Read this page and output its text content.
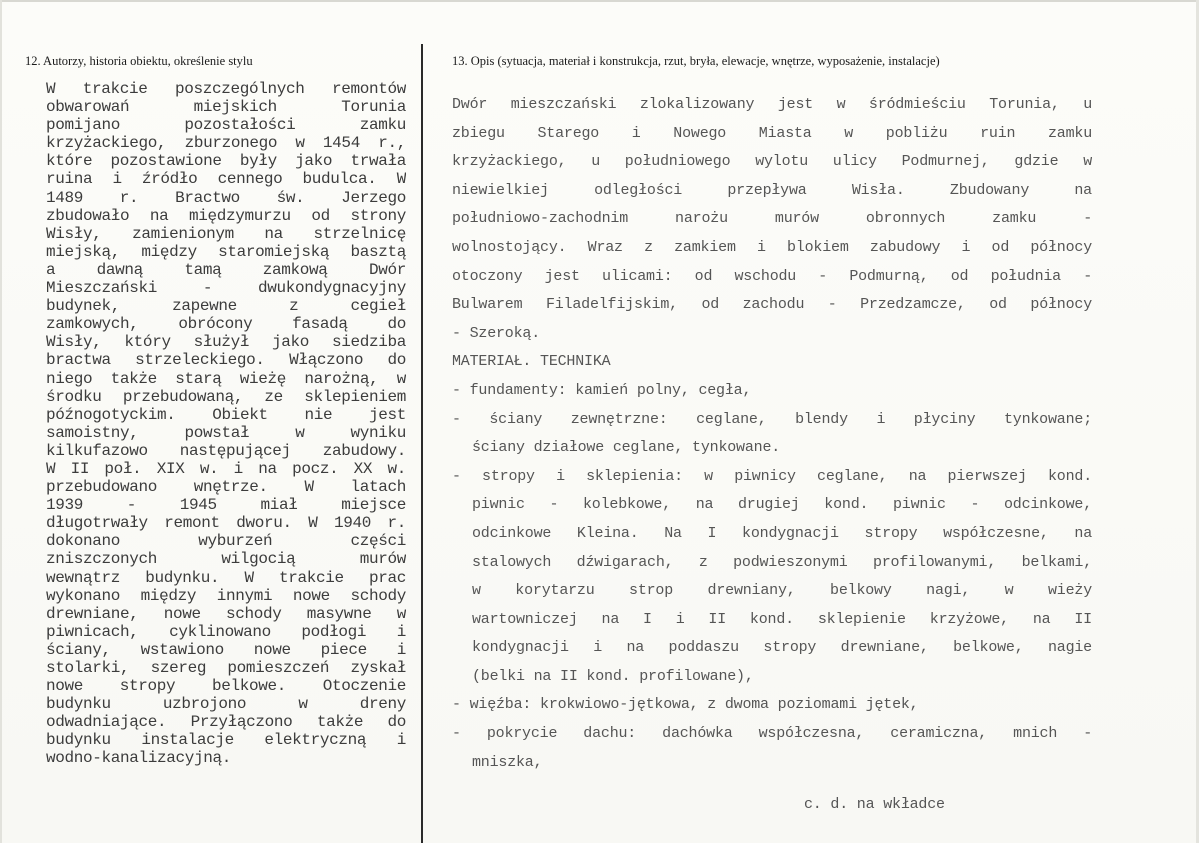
12. Autorzy, historia obiektu, określenie stylu	13. Opis (sytuacja, materiał i konstrukcja, rzut, bryła, elewacje, wnętrze, wyposażenie, instalacje)
W trakcie poszczególnych remontów
obwarowań miejskich Torunia
pomijano pozostałości zamku
krzyżackiego, zburzonego w 1454 r.,
które pozostawione były jako trwała
ruina i źródło cennego budulca. W
1489 r. Bractwo św. Jerzego
zbudowało na międzymurzu od strony
Wisły, zamienionym na strzelnicę
miejską, między staromiejską basztą
a dawną tamą zamkową Dwór
Mieszczański - dwukondygnacyjny
budynek, zapewne z cegieł
zamkowych, obrócony fasadą do
Wisły, który służył jako siedziba
bractwa strzeleckiego. Włączono do
niego także starą wieżę narożną, w
środku przebudowaną, ze sklepieniem
późnogotyckim. Obiekt nie jest
samoistny, powstał w wyniku
kilkufazowo następującej zabudowy.
W II poł. XIX w. i na pocz. XX w.
przebudowano wnętrze. W latach
1939 - 1945 miał miejsce
długotrwały remont dworu. W 1940 r.
dokonano wyburzeń części
zniszczonych wilgocią murów
wewnątrz budynku. W trakcie prac
wykonano między innymi nowe schody
drewniane, nowe schody masywne w
piwnicach, cyklinowano podłogi i
ściany, wstawiono nowe piece i
stolarki, szereg pomieszczeń zyskał
nowe stropy belkowe. Otoczenie
budynku uzbrojono w dreny
odwadniające. Przyłączono także do
budynku instalacje elektryczną i
wodno-kanalizacyjną.
Dwór mieszczański zlokalizowany jest w śródmieściu Torunia, u
zbiegu Starego i Nowego Miasta w pobliżu ruin zamku
krzyżackiego, u południowego wylotu ulicy Podmurnej, gdzie w
niewielkiej odległości przepływa Wisła. Zbudowany na
południowo-zachodnim narożu murów obronnych zamku -
wolnostojący. Wraz z zamkiem i blokiem zabudowy i od północy
otoczony jest ulicami: od wschodu - Podmurną, od południa -
Bulwarem Filadelfijskim, od zachodu - Przedzamcze, od północy
- Szeroką.
MATERIAŁ. TECHNIKA
- fundamenty: kamień polny, cegła,
- ściany zewnętrzne: ceglane, blendy i płyciny tynkowane;
ściany działowe ceglane, tynkowane.
- stropy i sklepienia: w piwnicy ceglane, na pierwszej kond.
piwnic - kolebkowe, na drugiej kond. piwnic - odcinkowe,
odcinkowe Kleina. Na I kondygnacji stropy współczesne, na
stalowych dźwigarach, z podwieszonymi profilowanymi, belkami,
w korytarzu strop drewniany, belkowy nagi, w wieży
wartowniczej na I i II kond. sklepienie krzyżowe, na II
kondygnacji i na poddaszu stropy drewniane, belkowe, nagie
(belki na II kond. profilowane),
- więźba: krokwiowo-jętkowa, z dwoma poziomami jętek,
- pokrycie dachu: dachówka współczesna, ceramiczna, mnich -
mniszka,
c. d. na wkładce
